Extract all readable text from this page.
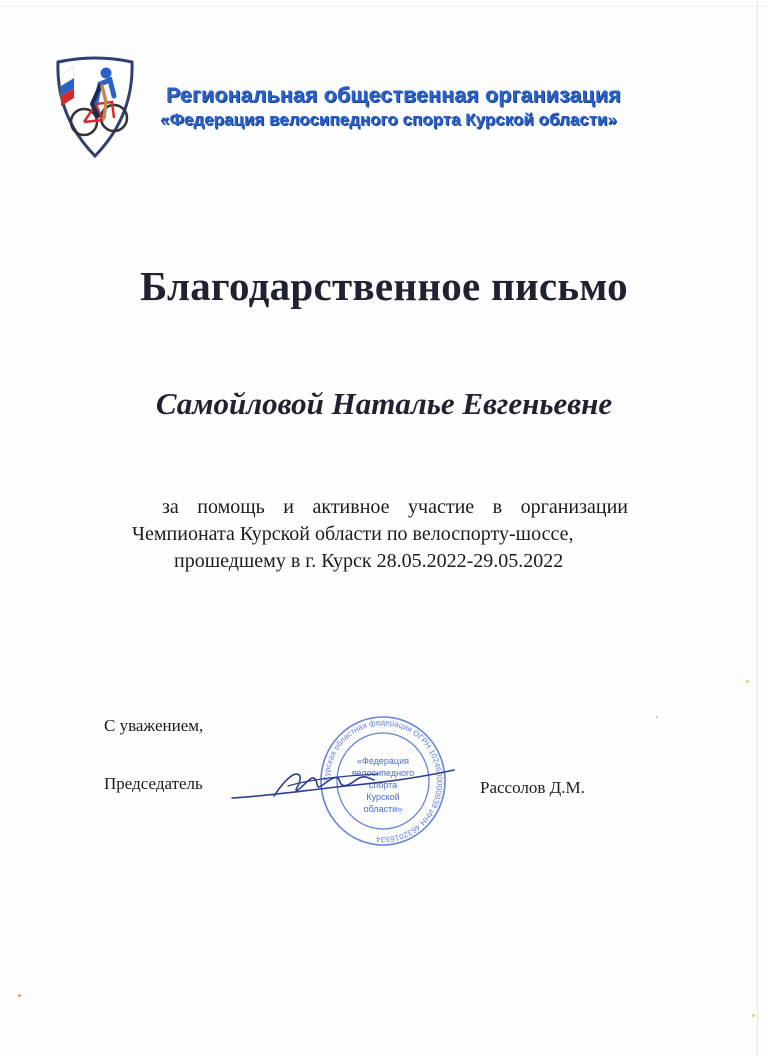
Региональная общественная организация
«Федерация велосипедного спорта Курской области»
Благодарственное письмо
Самойловой Наталье Евгеньевне
за помощь и активное участие в организации
Чемпионата Курской области по велоспорту-шоссе,
прошедшему в г. Курск 28.05.2022-29.05.2022
С уважением,
Председатель	Рассолов Д.М.
Курская областная федерация ОГРН 1024600000939 ИНН 4632016534
«Федерация
велосипедного
спорта
Курской
области»
